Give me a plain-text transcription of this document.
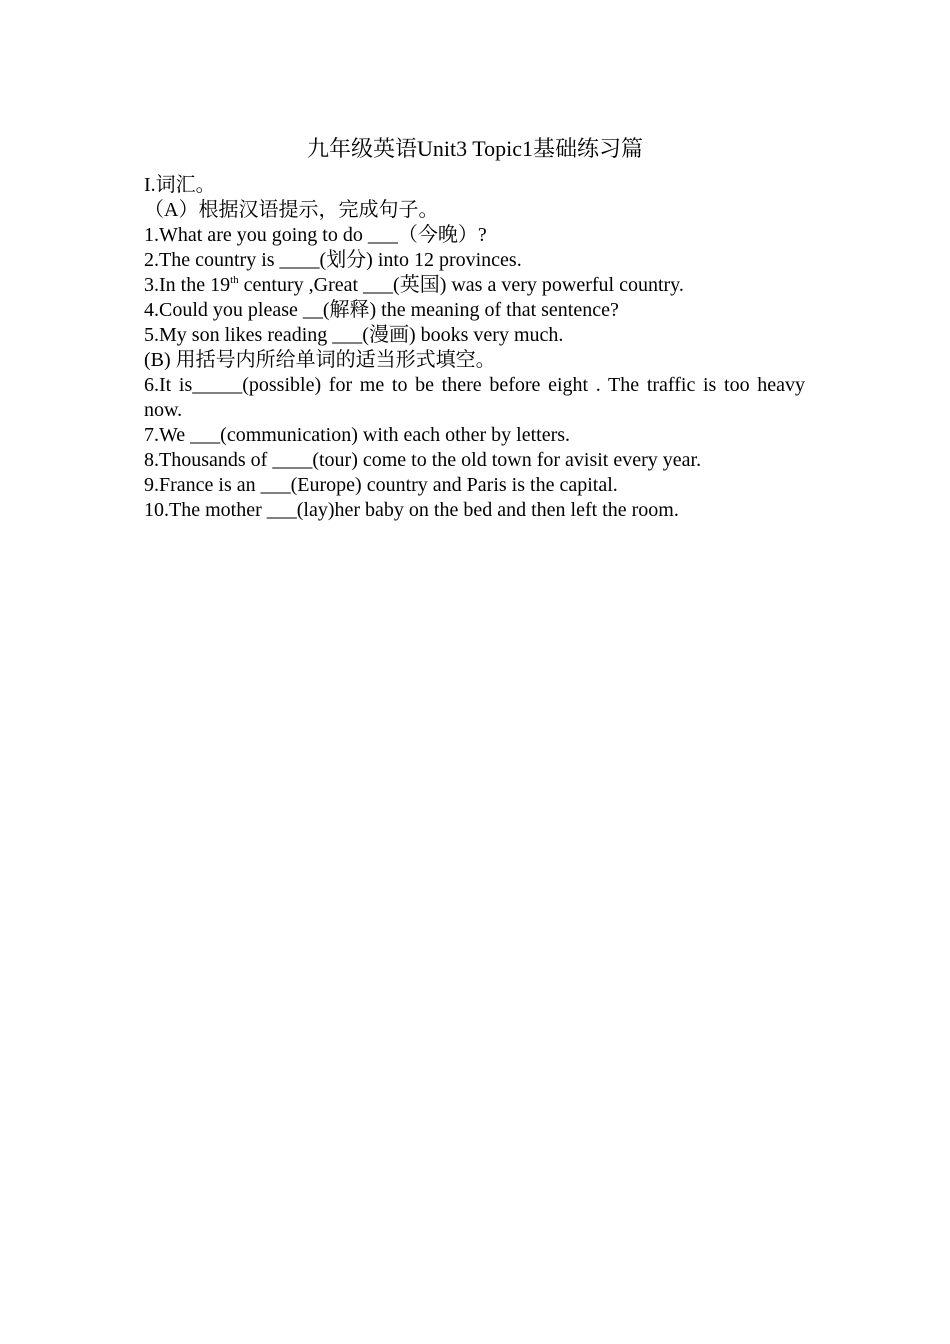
九年级英语Unit3 Topic1基础练习篇
I.词汇。
（A）根据汉语提示，完成句子。
1.What are you going to do ___（今晚）?
2.The country is ____(划分) into 12 provinces.
3.In the 19th century ,Great ___(英国) was a very powerful country.
4.Could you please __(解释) the meaning of that sentence?
5.My son likes reading ___(漫画) books very much.
(B) 用括号内所给单词的适当形式填空。
6.It is_____(possible) for me to be there before eight . The traffic is too heavy now.
7.We ___(communication) with each other by letters.
8.Thousands of ____(tour) come to the old town for avisit every year.
9.France is an ___(Europe) country and Paris is the capital.
10.The mother ___(lay)her baby on the bed and then left the room.
